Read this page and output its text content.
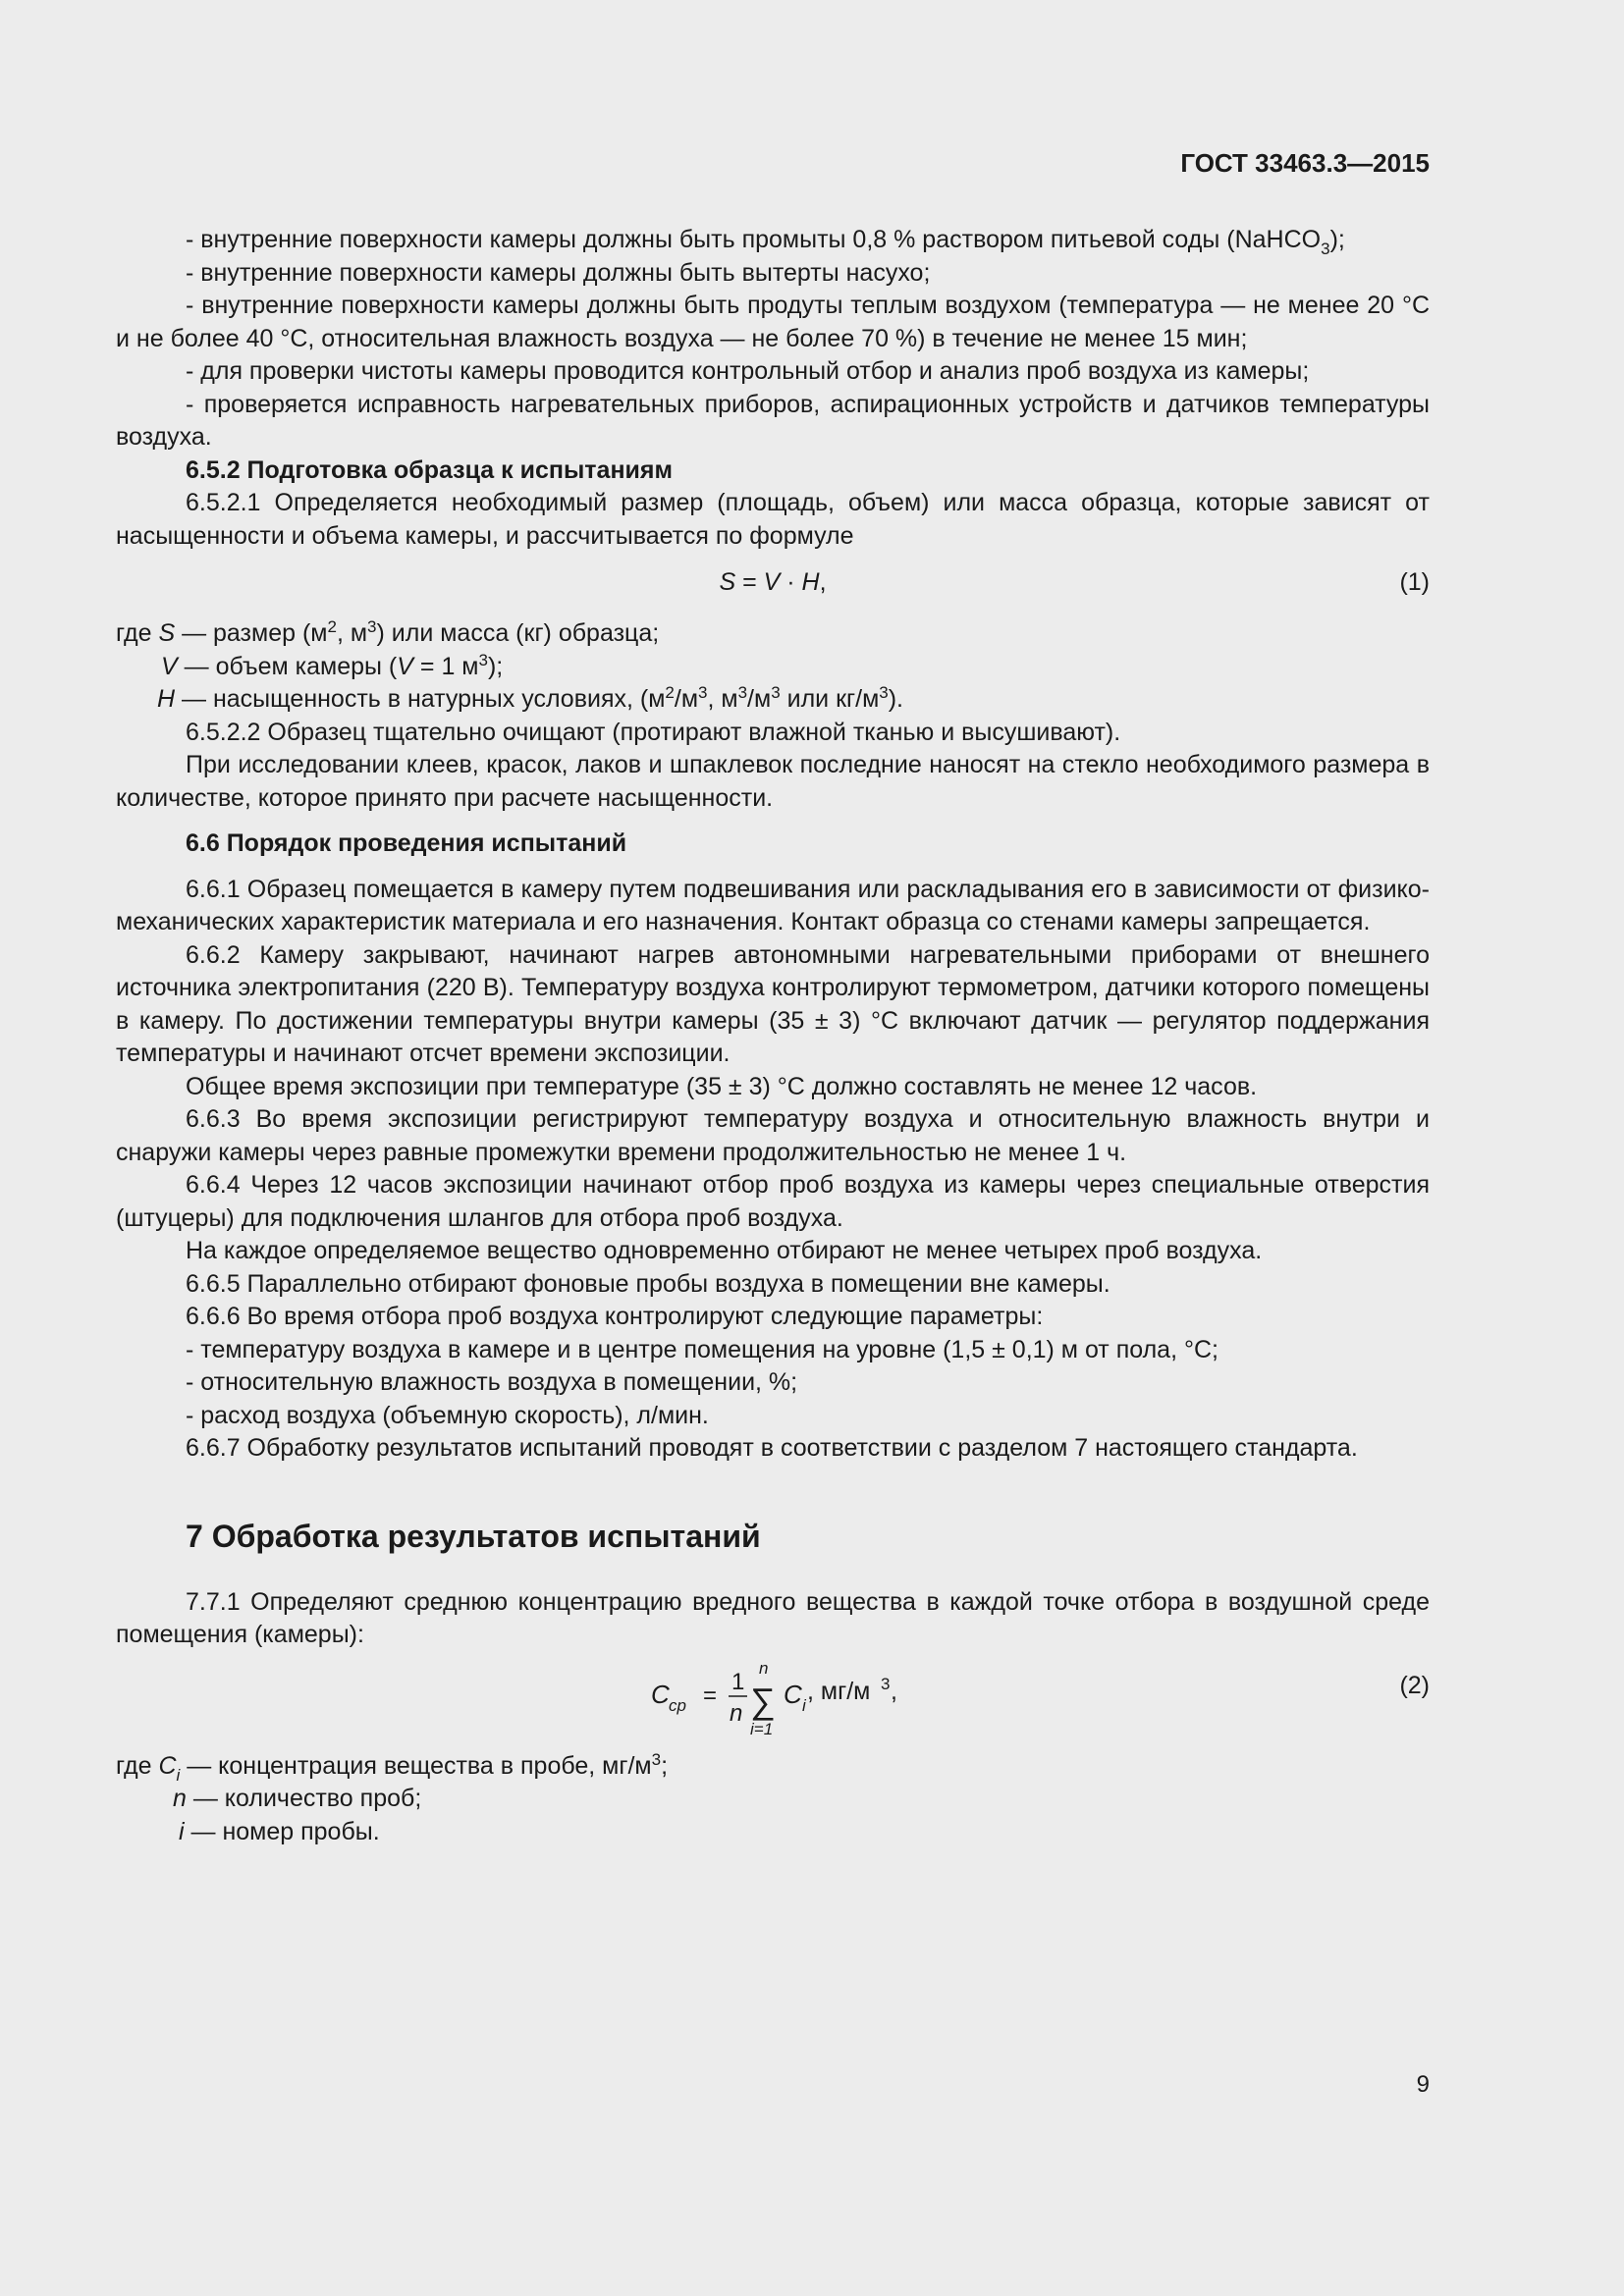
ГОСТ 33463.3—2015

- внутренние поверхности камеры должны быть промыты 0,8 % раствором питьевой соды (NaHCO$_3$);

- внутренние поверхности камеры должны быть вытерты насухо;

- внутренние поверхности камеры должны быть продуты теплым воздухом (температура — не менее 20 °C и не более 40 °C, относительная влажность воздуха — не более 70 %) в течение не менее 15 мин;

- для проверки чистоты камеры проводится контрольный отбор и анализ проб воздуха из камеры;

- проверяется исправность нагревательных приборов, аспирационных устройств и датчиков температуры воздуха.

6.5.2 Подготовка образца к испытаниям

6.5.2.1 Определяется необходимый размер (площадь, объем) или масса образца, которые зависят от насыщенности и объема камеры, и рассчитывается по формуле

S = V · H,	(1)

где S — размер ($м^2$, $м^3$) или масса (кг) образца;

V — объем камеры (V = 1 $м^3$);

H — насыщенность в натурных условиях, ($м^2/м^3$, $м^3/м^3$ или $кг/м^3$).

6.5.2.2 Образец тщательно очищают (протирают влажной тканью и высушивают).

При исследовании клеев, красок, лаков и шпаклевок последние наносят на стекло необходимого размера в количестве, которое принято при расчете насыщенности.

6.6 Порядок проведения испытаний

6.6.1 Образец помещается в камеру путем подвешивания или раскладывания его в зависимости от физико-механических характеристик материала и его назначения. Контакт образца со стенами камеры запрещается.

6.6.2 Камеру закрывают, начинают нагрев автономными нагревательными приборами от внешнего источника электропитания (220 В). Температуру воздуха контролируют термометром, датчики которого помещены в камеру. По достижении температуры внутри камеры (35 ± 3) °С включают датчик — регулятор поддержания температуры и начинают отсчет времени экспозиции.

Общее время экспозиции при температуре (35 ± 3) °С должно составлять не менее 12 часов.

6.6.3 Во время экспозиции регистрируют температуру воздуха и относительную влажность внутри и снаружи камеры через равные промежутки времени продолжительностью не менее 1 ч.

6.6.4 Через 12 часов экспозиции начинают отбор проб воздуха из камеры через специальные отверстия (штуцеры) для подключения шлангов для отбора проб воздуха.

На каждое определяемое вещество одновременно отбирают не менее четырех проб воздуха.

6.6.5 Параллельно отбирают фоновые пробы воздуха в помещении вне камеры.

6.6.6 Во время отбора проб воздуха контролируют следующие параметры:

- температуру воздуха в камере и в центре помещения на уровне (1,5 ± 0,1) м от пола, °С;

- относительную влажность воздуха в помещении, %;

- расход воздуха (объемную скорость), л/мин.

6.6.7 Обработку результатов испытаний проводят в соответствии с разделом 7 настоящего стандарта.

7 Обработка результатов испытаний

7.7.1 Определяют среднюю концентрацию вредного вещества в каждой точке отбора в воздушной среде помещения (камеры):

C ср =
1
n ∑
n
i=1
C i
, мг/м 3 ,	(2)

где $C_i$ — концентрация вещества в пробе, $мг/м^3$;

n — количество проб;

i — номер пробы.

9
